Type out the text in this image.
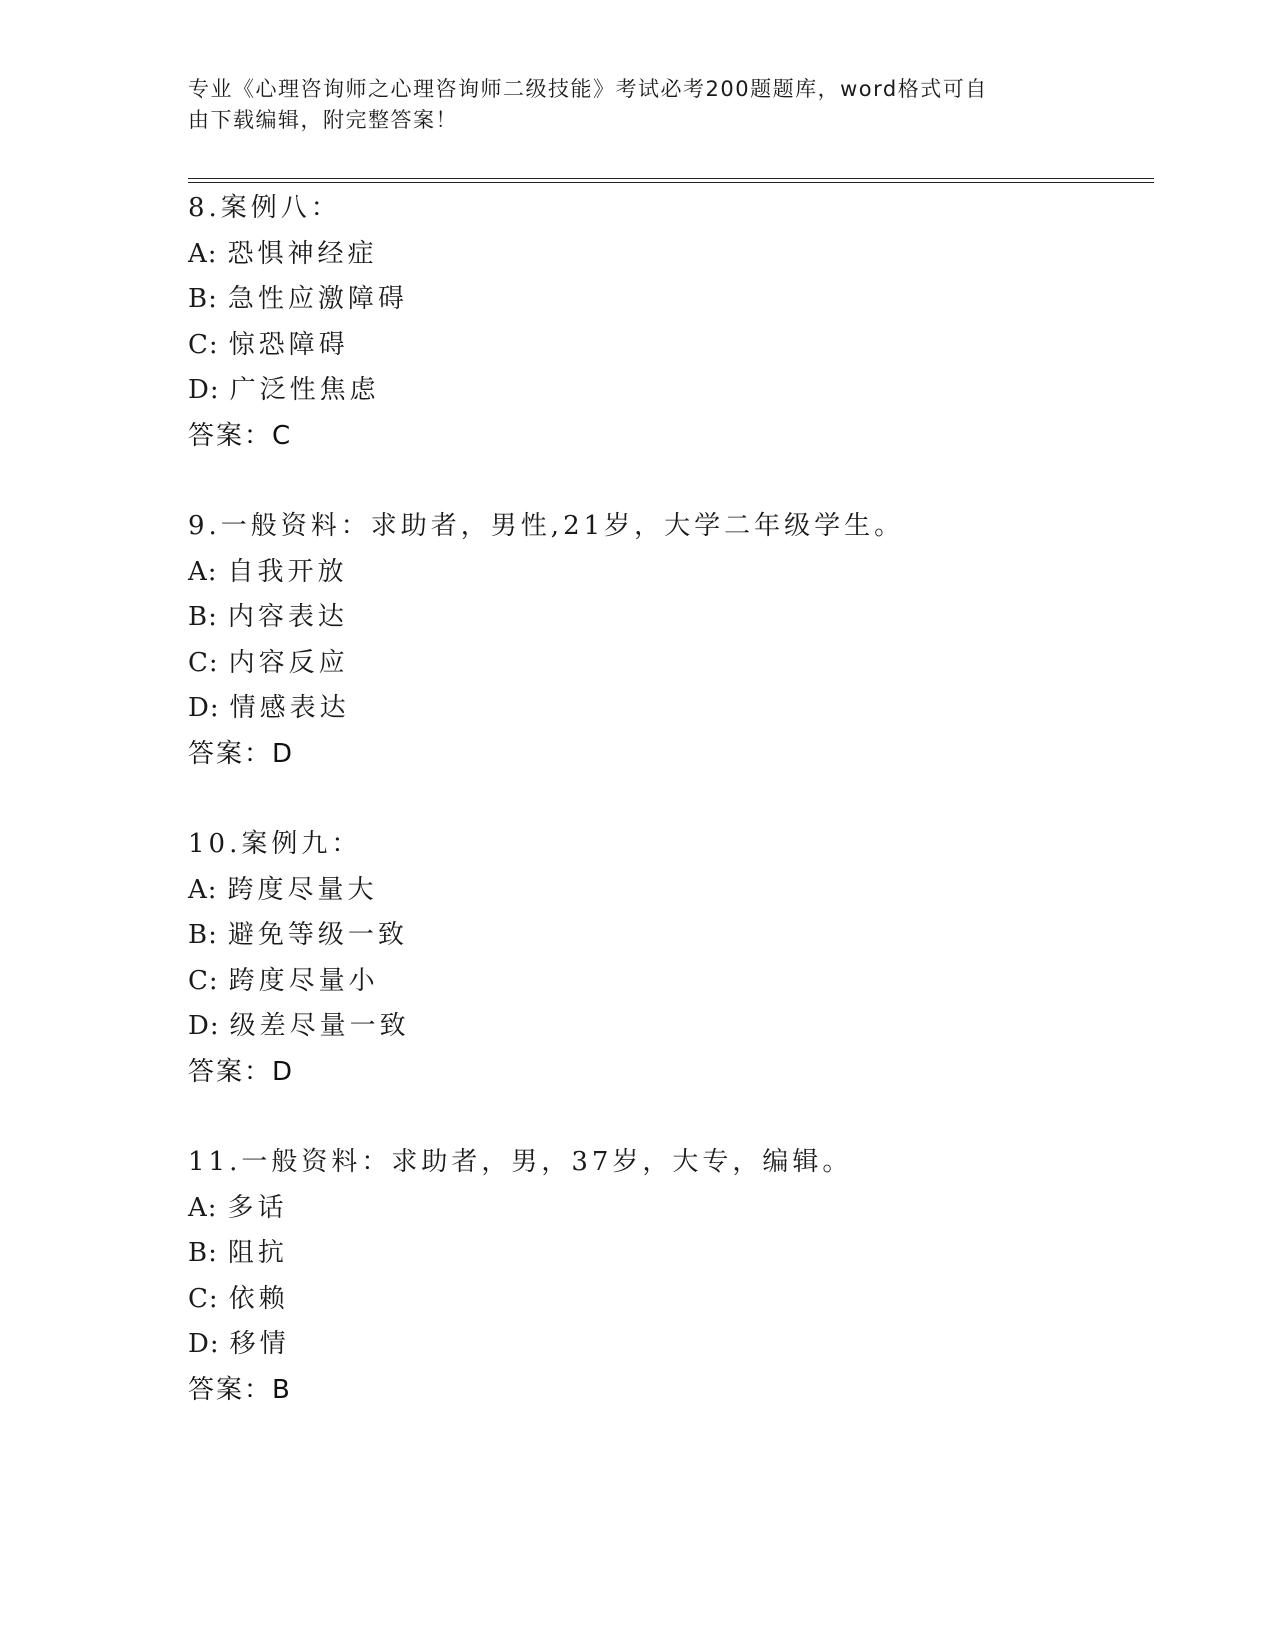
专业《心理咨询师之心理咨询师二级技能》考试必考200题题库，word格式可自
由下载编辑，附完整答案！
8.案例八：
A: 恐惧神经症
B: 急性应激障碍
C: 惊恐障碍
D: 广泛性焦虑
答案：C
9.一般资料：求助者，男性,21岁，大学二年级学生。
A: 自我开放
B: 内容表达
C: 内容反应
D: 情感表达
答案：D
10.案例九：
A: 跨度尽量大
B: 避免等级一致
C: 跨度尽量小
D: 级差尽量一致
答案：D
11.一般资料：求助者，男，37岁，大专，编辑。
A: 多话
B: 阻抗
C: 依赖
D: 移情
答案：B
